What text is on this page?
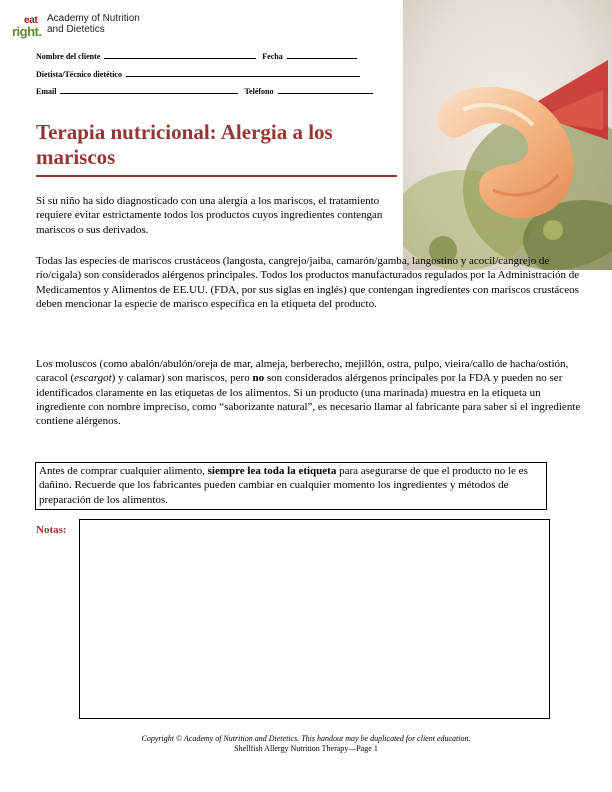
eat
right.
Academy of Nutrition
and Dietetics
Nombre del cliente	Fecha
Dietista/Técnico dietético
Email	Teléfono
Terapia nutricional: Alergia a los mariscos

Si su niño ha sido diagnosticado con una alergia a los mariscos, el tratamiento requiere evitar estrictamente todos los productos cuyos ingredientes contengan mariscos o sus derivados.

Todas las especies de mariscos crustáceos (langosta, cangrejo/jaiba, camarón/gamba, langostino y acocil/cangrejo de río/cigala) son considerados alérgenos principales. Todos los productos manufacturados regulados por la Administración de Medicamentos y Alimentos de EE.UU. (FDA, por sus siglas en inglés) que contengan ingredientes con mariscos crustáceos deben mencionar la especie de marisco específica en la etiqueta del producto.

Los moluscos (como abalón/abulón/oreja de mar, almeja, berberecho, mejillón, ostra, pulpo, vieira/callo de hacha/ostión, caracol (escargot) y calamar) son mariscos, pero no son considerados alérgenos principales por la FDA y pueden no ser identificados claramente en las etiquetas de los alimentos. Si un producto (una marinada) muestra en la etiqueta un ingrediente con nombre impreciso, como “saborizante natural”, es necesario llamar al fabricante para saber si el ingrediente contiene alérgenos.

Antes de comprar cualquier alimento, siempre lea toda la etiqueta para asegurarse de que el producto no le es dañino. Recuerde que los fabricantes pueden cambiar en cualquier momento los ingredientes y métodos de preparación de los alimentos.
Notas:
Copyright © Academy of Nutrition and Dietetics. This handout may be duplicated for client education.
Shellfish Allergy Nutrition Therapy—Page 1
